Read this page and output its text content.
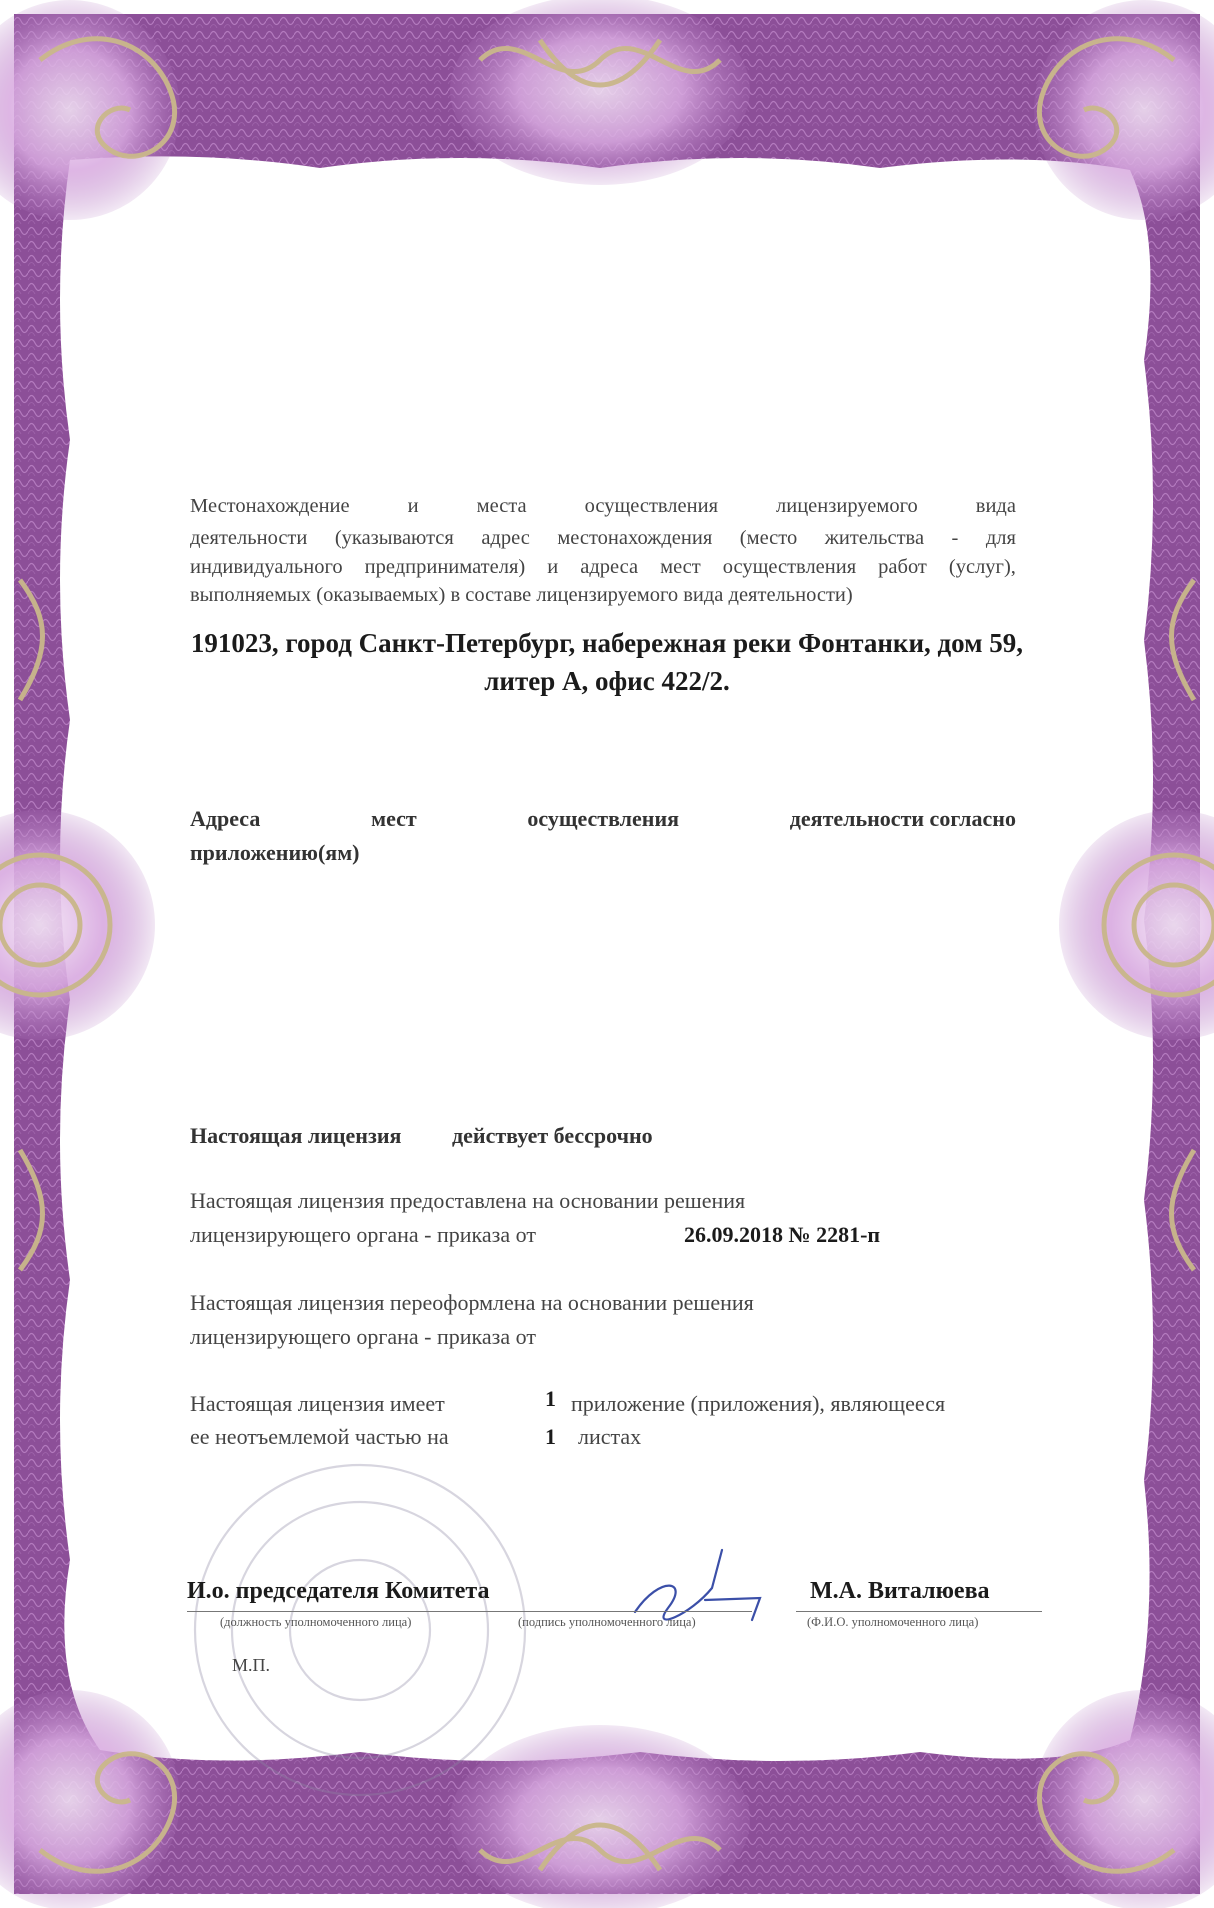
Местонахождение	и	места	осуществления	лицензируемого	вида
деятельности (указываются адрес местонахождения (место жительства - для
индивидуального предпринимателя) и адреса мест осуществления работ (услуг),
выполняемых (оказываемых) в составе лицензируемого вида деятельности)
191023, город Санкт-Петербург, набережная реки Фонтанки, дом 59,
литер А, офис 422/2.
Адреса	мест	осуществления	деятельности согласно
приложению(ям)
Настоящая лицензия действует бессрочно
Настоящая лицензия предоставлена на основании решения
лицензирующего органа - приказа от	26.09.2018 № 2281-п
Настоящая лицензия переоформлена на основании решения
лицензирующего органа - приказа от
Настоящая лицензия имеет	1 приложение (приложения), являющееся
ее неотъемлемой частью на	1 листах
И.о. председателя Комитета
(должность уполномоченного лица)	(подпись уполномоченного лица)
М.А. Виталюева
(Ф.И.О. уполномоченного лица)
М.П.
